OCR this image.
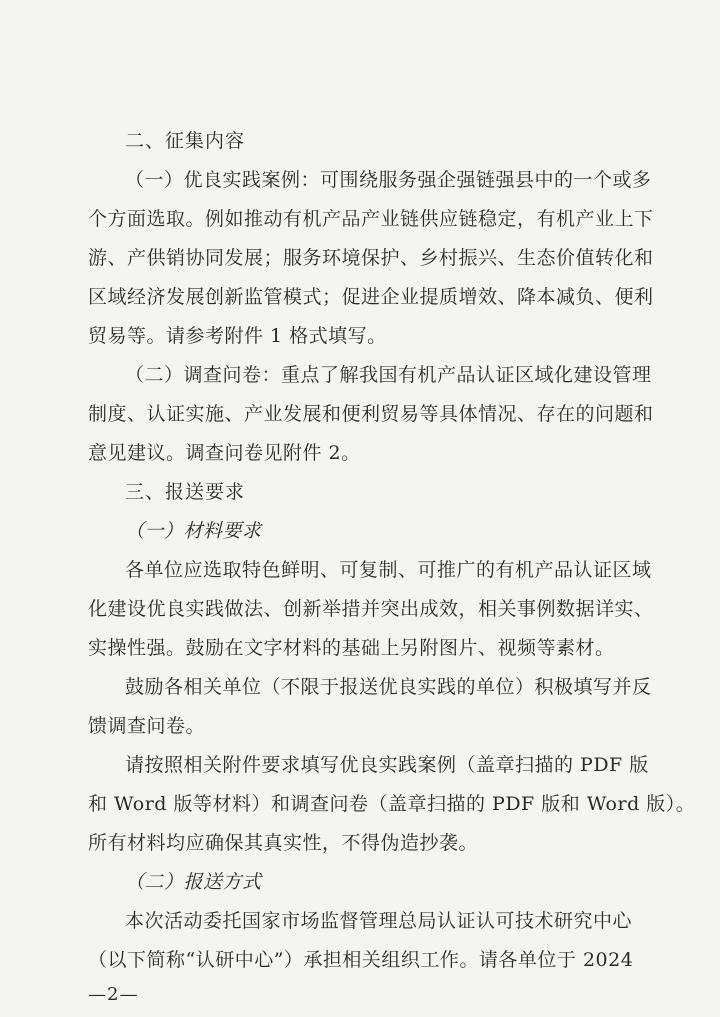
二、征集内容
（一）优良实践案例：可围绕服务强企强链强县中的一个或多
个方面选取。例如推动有机产品产业链供应链稳定，有机产业上下
游、产供销协同发展；服务环境保护、乡村振兴、生态价值转化和
区域经济发展创新监管模式；促进企业提质增效、降本减负、便利
贸易等。请参考附件 1 格式填写。
（二）调查问卷：重点了解我国有机产品认证区域化建设管理
制度、认证实施、产业发展和便利贸易等具体情况、存在的问题和
意见建议。调查问卷见附件 2。
三、报送要求
（一）材料要求
各单位应选取特色鲜明、可复制、可推广的有机产品认证区域
化建设优良实践做法、创新举措并突出成效，相关事例数据详实、
实操性强。鼓励在文字材料的基础上另附图片、视频等素材。
鼓励各相关单位（不限于报送优良实践的单位）积极填写并反
馈调查问卷。
请按照相关附件要求填写优良实践案例（盖章扫描的 PDF 版
和 Word 版等材料）和调查问卷（盖章扫描的 PDF 版和 Word 版）。
所有材料均应确保其真实性，不得伪造抄袭。
（二）报送方式
本次活动委托国家市场监督管理总局认证认可技术研究中心
（以下简称“认研中心”）承担相关组织工作。请各单位于 2024
—2—
